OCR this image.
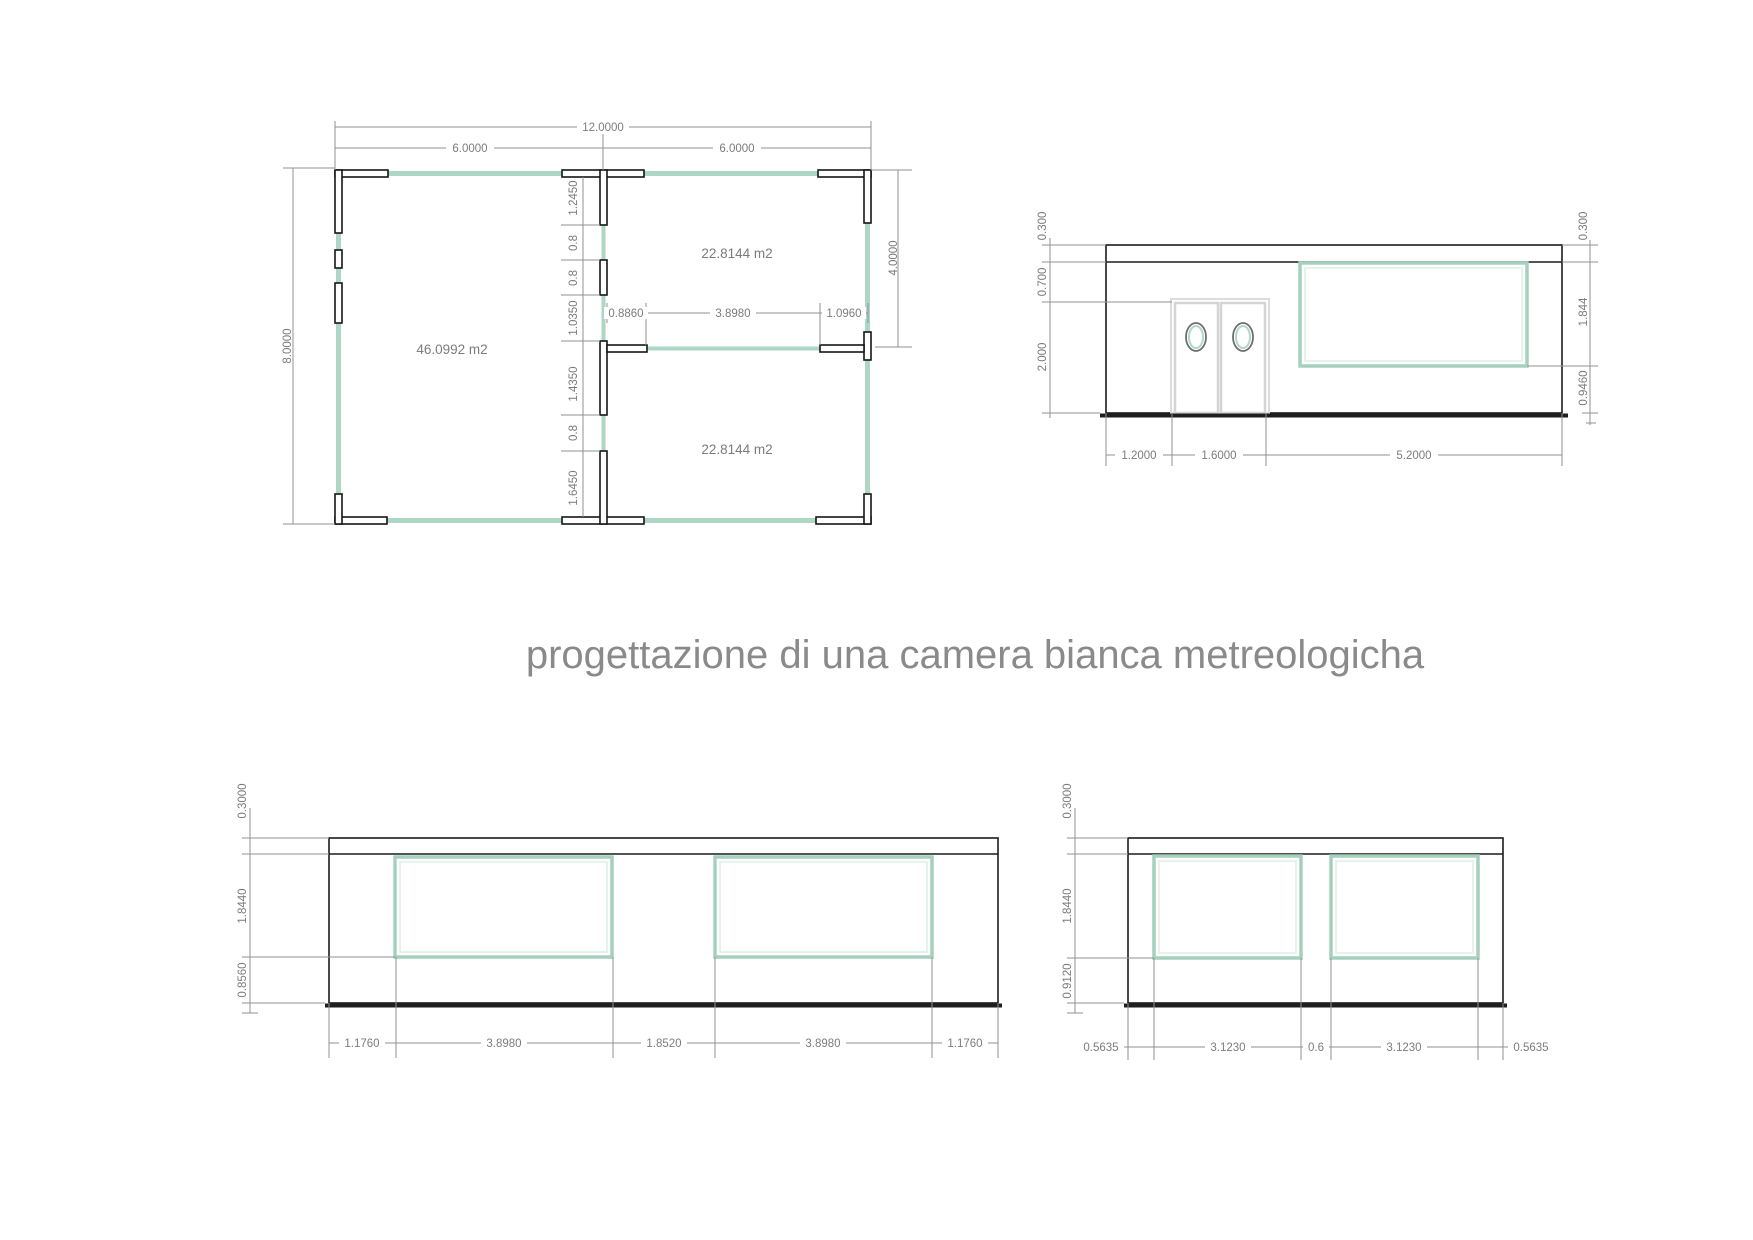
12.0000
6.0000	6.0000
8.0000
4.0000
1.2450
0.8
0.8
1.0350
1.4350
0.8
1.6450
0.8860	3.8980	1.0960
46.0992 m2
22.8144 m2
22.8144 m2
0.300
0.700
2.000
0.300
1.844
0.9460
1.2000	1.6000	5.2000
progettazione di una camera bianca metreologicha
0.3000
1.8440
0.8560
1.1760	3.8980	1.8520	3.8980	1.1760
0.3000
1.8440
0.9120
0.5635	3.1230	0.6	3.1230	0.5635
